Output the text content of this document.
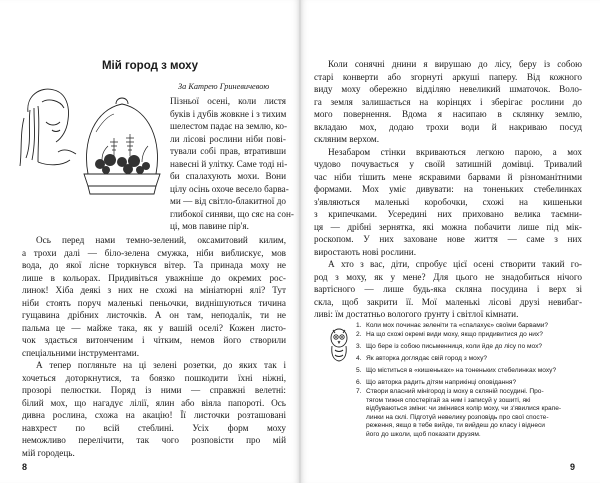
Мій город з моху
За Катрею Гриневичевою
Пізньої осені, коли листя
буків і дубів жовкне і з тихим
шелестом падає на землю, ко-
ли лісові рослини ніби пові-
тували собі прав, втративши
навесні й улітку. Саме тоді ні-
би спалахують мохи. Вони
цілу осінь охоче весело барва-
ми — від світло-блакитної до
глибокої синяви, що сяє на сон-
ці, мов павине пір'я.
Ось перед нами темно-зелений, оксамитовий килим,
а трохи далі — біло-зелена смужка, ніби виблискує, мов
вода, до якої лісне торкнувся вітер. Та принада моху не
лише в кольорах. Придивіться уважніше до окремих рос-
линок! Хіба деякі з них не схожі на мініатюрні ялі? Тут
ніби стоять поруч маленькі пеньочки, виднішуються тичина
гущавина дрібних листочків. А он там, неподалік, ти не
пальма це — майже така, як у вашій оселі? Кожен листо-
чок здається витонченим і чітким, немов його створили
спеціальними інструментами.
А тепер погляньте на ці зелені розетки, до яких так і
хочеться доторкнутися, та боязко пошкодити їхні ніжні,
прозорі пелюстки. Поряд із ними — справжні велетні:
білий мох, що нагадує лілії, ялин або віяла папороті. Ось
дивна рослина, схожа на акацію! Її листочки розташовані
навхрест по всій стеблині. Усіх форм моху
неможливо перелічити, так чого розповісти про мій
мій городець.
8
Коли сонячні днини я вирушаю до лісу, беру із собою
старі конверти або згорнуті аркуші паперу. Від кожного
виду моху обережно відділяю невеликий шматочок. Воло-
га земля залишається на корінцях і зберігає рослини до
мого повернення. Вдома я насипаю в склянку землю,
вкладаю мох, додаю трохи води й накриваю посуд
скляним верхом.
Незабаром стінки вкриваються легкою парою, а мох
чудово почувається у своїй затишній домівці. Тривалий
час ніби тішить мене яскравими барвами й різноманітними
формами. Мох уміє дивувати: на тоненьких стебелинках
з'являються маленькі коробочки, схожі на кишеньки
з крипечками. Усередині них приховано велика таємни-
ця — дрібні зернятка, які можна побачити лише під мік-
роскопом. У них заховане нове життя — саме з них
виростають нові рослини.
А хто з вас, діти, спробує цієї осені створити такий го-
род з моху, як у мене? Для цього не знадобиться нічого
вартісного — лише будь-яка скляна посудина і верх зі
скла, щоб закрити її. Мої маленькі лісові друзі невибаг-
ливі: їм достатньо вологого ґрунту і світлої кімнати.
1. Коли мох починає зеленіти та «спалахує» своїми барвами?
2. На що схожі окремі види моху, якщо придивитися до них?
3. Що бере із собою письменниця, коли йде до лісу по мох?
4. Як авторка доглядає свій город з моху?
5. Що міститься в «кишеньках» на тоненьких стебелинках моху?
6. Що авторка радить дітям наприкінці оповідання?
7. Створи власний мінігород із моху в скляній посудині. Про-
тягом тижня спостерігай за ним і записуй у зошиті, які
відбуваються зміни: чи змінився колір моху, чи з'явилися крапе-
линки на склі. Підготуй невелику розповідь про свої спосте-
реження, якщо в тебе вийде, ти вийдеш до класу і віднеси
його до школи, щоб показати друзям.
9
